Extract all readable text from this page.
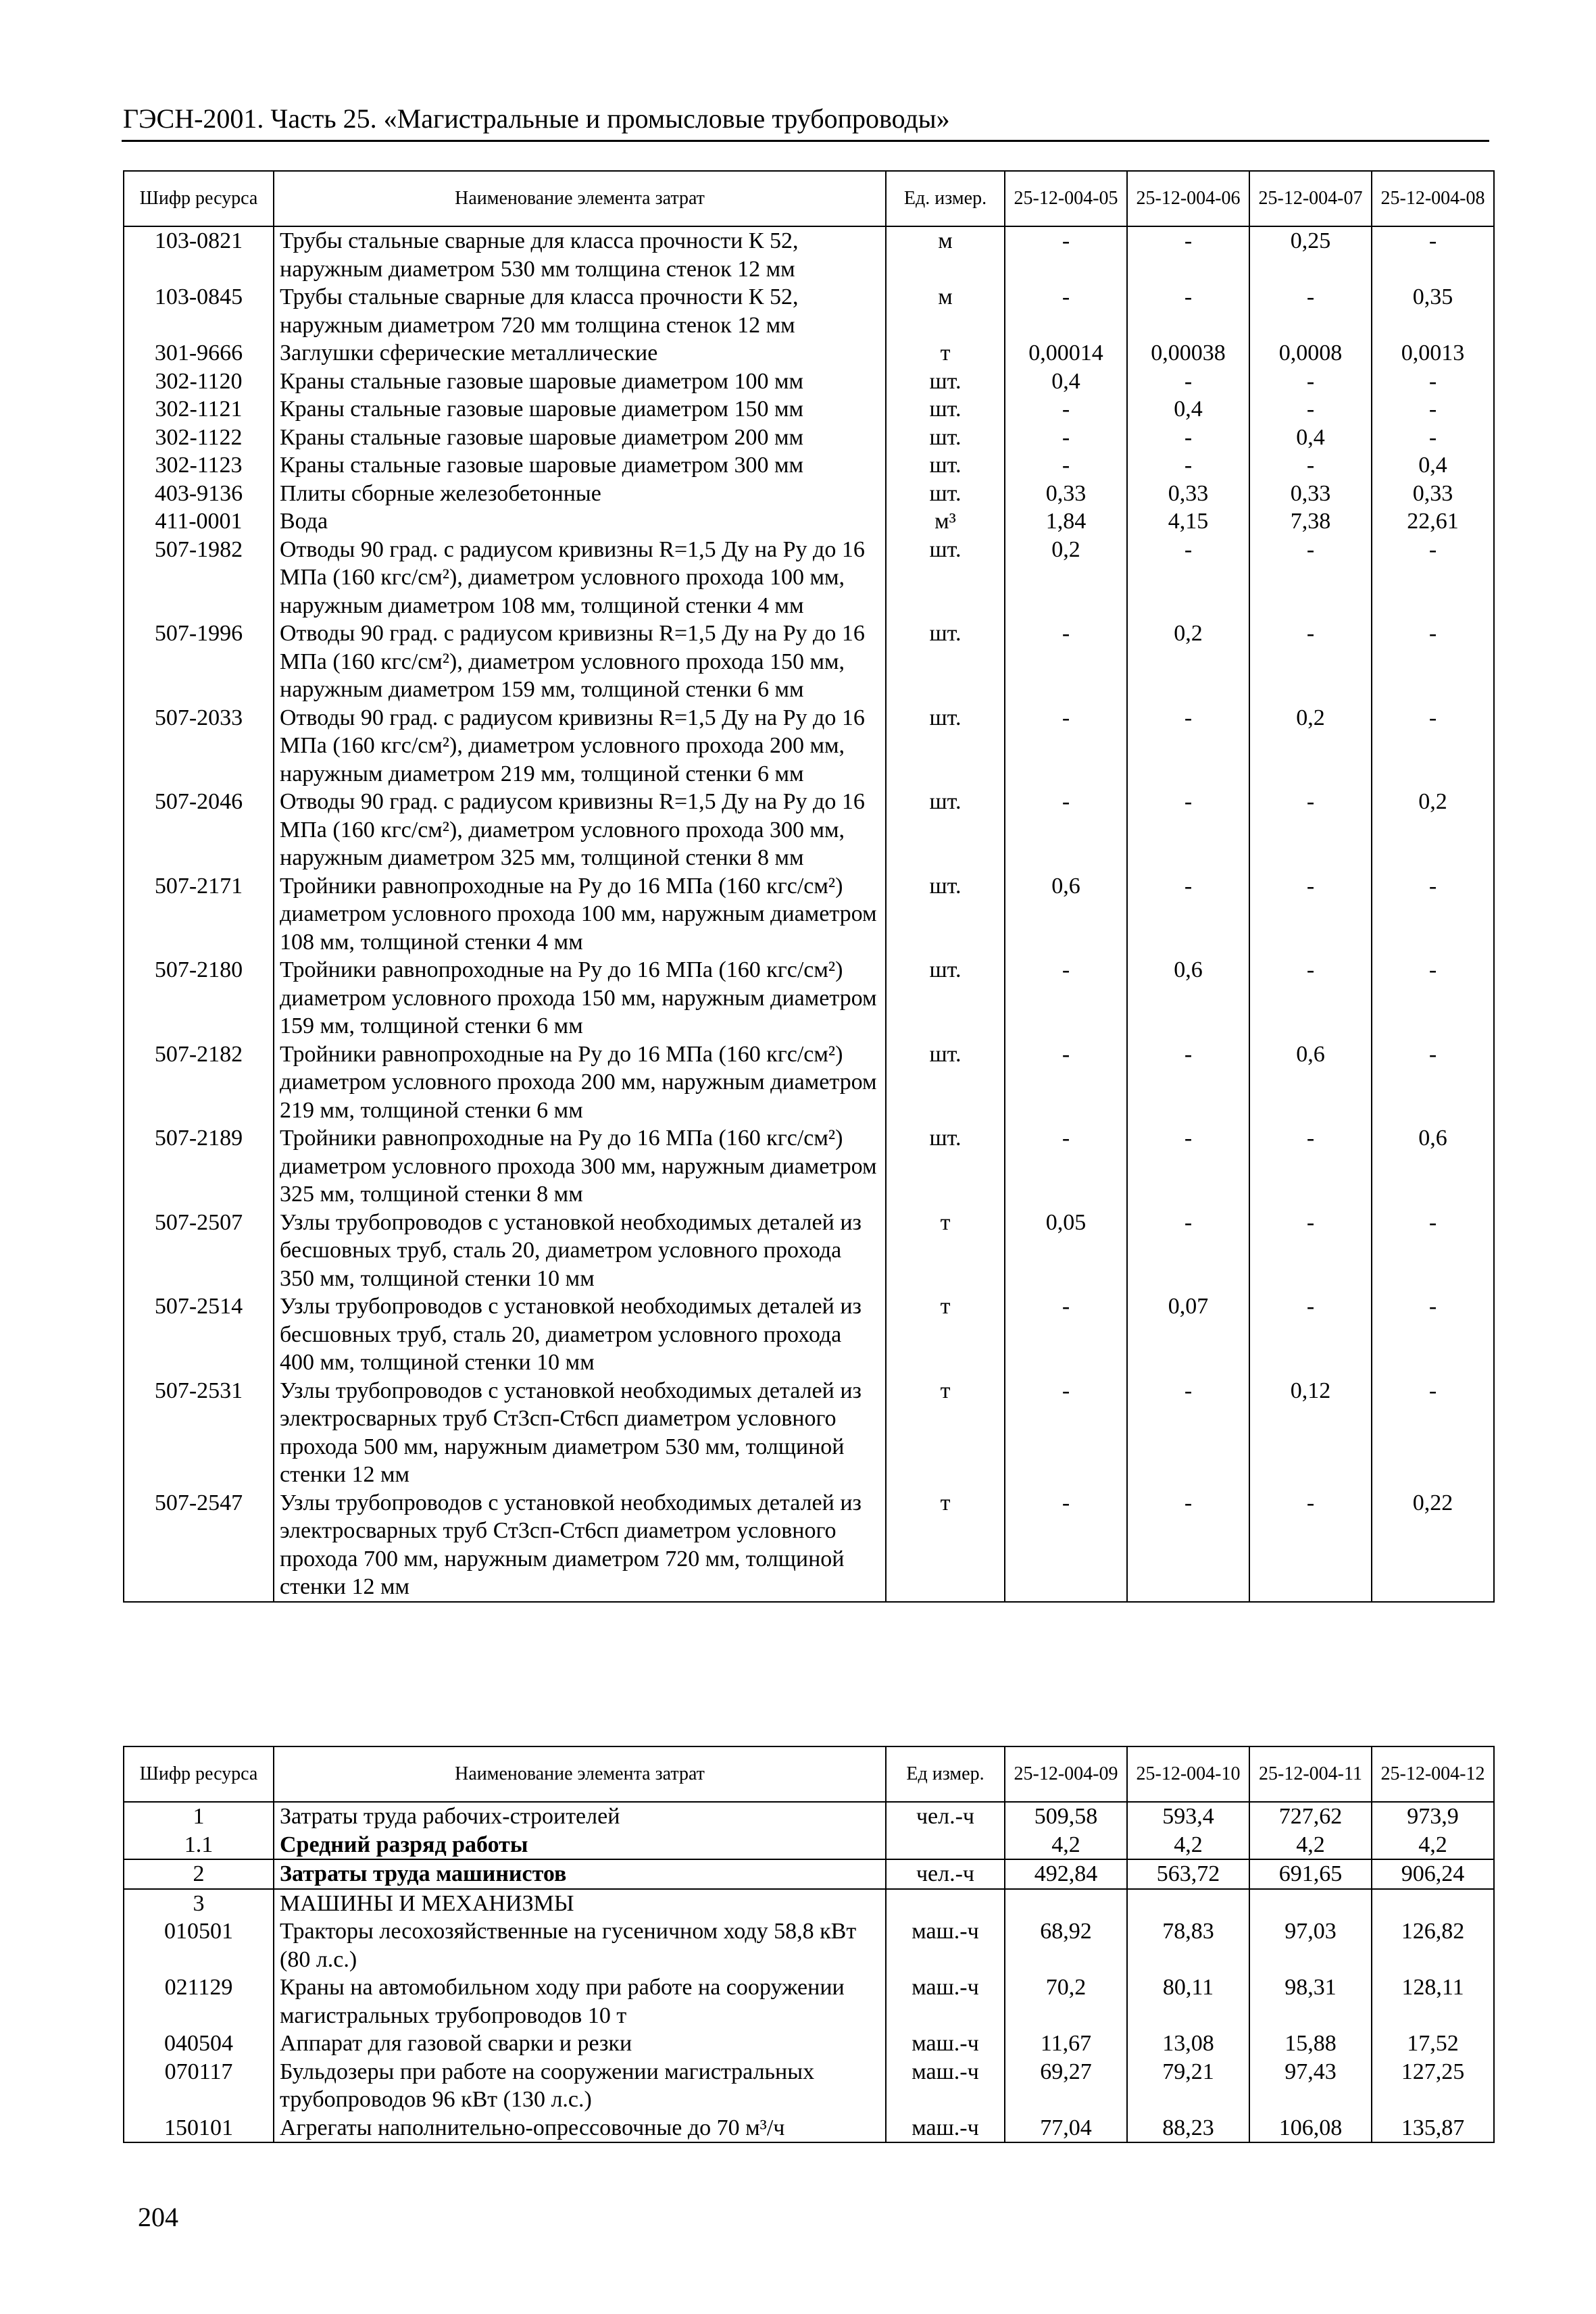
ГЭСН-2001. Часть 25. «Магистральные и промысловые трубопроводы»
Шифр ресурса	Наименование элемента затрат	Ед. измер.	25-12-004-05	25-12-004-06	25-12-004-07	25-12-004-08
103-0821	Трубы стальные сварные для класса прочности К 52, наружным диаметром 530 мм толщина стенок 12 мм	м	-	-	0,25	-
103-0845	Трубы стальные сварные для класса прочности К 52, наружным диаметром 720 мм толщина стенок 12 мм	м	-	-	-	0,35
301-9666	Заглушки сферические металлические	т	0,00014	0,00038	0,0008	0,0013
302-1120	Краны стальные газовые шаровые диаметром 100 мм	шт.	0,4	-	-	-
302-1121	Краны стальные газовые шаровые диаметром 150 мм	шт.	-	0,4	-	-
302-1122	Краны стальные газовые шаровые диаметром 200 мм	шт.	-	-	0,4	-
302-1123	Краны стальные газовые шаровые диаметром 300 мм	шт.	-	-	-	0,4
403-9136	Плиты сборные железобетонные	шт.	0,33	0,33	0,33	0,33
411-0001	Вода	м³	1,84	4,15	7,38	22,61
507-1982	Отводы 90 град. с радиусом кривизны R=1,5 Ду на Ру до 16 МПа (160 кгс/см²), диаметром условного прохода 100 мм, наружным диаметром 108 мм, толщиной стенки 4 мм	шт.	0,2	-	-	-
507-1996	Отводы 90 град. с радиусом кривизны R=1,5 Ду на Ру до 16 МПа (160 кгс/см²), диаметром условного прохода 150 мм, наружным диаметром 159 мм, толщиной стенки 6 мм	шт.	-	0,2	-	-
507-2033	Отводы 90 град. с радиусом кривизны R=1,5 Ду на Ру до 16 МПа (160 кгс/см²), диаметром условного прохода 200 мм, наружным диаметром 219 мм, толщиной стенки 6 мм	шт.	-	-	0,2	-
507-2046	Отводы 90 град. с радиусом кривизны R=1,5 Ду на Ру до 16 МПа (160 кгс/см²), диаметром условного прохода 300 мм, наружным диаметром 325 мм, толщиной стенки 8 мм	шт.	-	-	-	0,2
507-2171	Тройники равнопроходные на Ру до 16 МПа (160 кгс/см²) диаметром условного прохода 100 мм, наружным диаметром 108 мм, толщиной стенки 4 мм	шт.	0,6	-	-	-
507-2180	Тройники равнопроходные на Ру до 16 МПа (160 кгс/см²) диаметром условного прохода 150 мм, наружным диаметром 159 мм, толщиной стенки 6 мм	шт.	-	0,6	-	-
507-2182	Тройники равнопроходные на Ру до 16 МПа (160 кгс/см²) диаметром условного прохода 200 мм, наружным диаметром 219 мм, толщиной стенки 6 мм	шт.	-	-	0,6	-
507-2189	Тройники равнопроходные на Ру до 16 МПа (160 кгс/см²) диаметром условного прохода 300 мм, наружным диаметром 325 мм, толщиной стенки 8 мм	шт.	-	-	-	0,6
507-2507	Узлы трубопроводов с установкой необходимых деталей из бесшовных труб, сталь 20, диаметром условного прохода 350 мм, толщиной стенки 10 мм	т	0,05	-	-	-
507-2514	Узлы трубопроводов с установкой необходимых деталей из бесшовных труб, сталь 20, диаметром условного прохода 400 мм, толщиной стенки 10 мм	т	-	0,07	-	-
507-2531	Узлы трубопроводов с установкой необходимых деталей из электросварных труб Ст3сп-Ст6сп диаметром условного прохода 500 мм, наружным диаметром 530 мм, толщиной стенки 12 мм	т	-	-	0,12	-
507-2547	Узлы трубопроводов с установкой необходимых деталей из электросварных труб Ст3сп-Ст6сп диаметром условного прохода 700 мм, наружным диаметром 720 мм, толщиной стенки 12 мм	т	-	-	-	0,22
Шифр ресурса	Наименование элемента затрат	Ед измер.	25-12-004-09	25-12-004-10	25-12-004-11	25-12-004-12
1	Затраты труда рабочих-строителей	чел.-ч	509,58	593,4	727,62	973,9
1.1	Средний разряд работы		4,2	4,2	4,2	4,2
2	Затраты труда машинистов	чел.-ч	492,84	563,72	691,65	906,24
3	МАШИНЫ И МЕХАНИЗМЫ					
010501	Тракторы лесохозяйственные на гусеничном ходу 58,8 кВт (80 л.с.)	маш.-ч	68,92	78,83	97,03	126,82
021129	Краны на автомобильном ходу при работе на сооружении магистральных трубопроводов 10 т	маш.-ч	70,2	80,11	98,31	128,11
040504	Аппарат для газовой сварки и резки	маш.-ч	11,67	13,08	15,88	17,52
070117	Бульдозеры при работе на сооружении магистральных трубопроводов 96 кВт (130 л.с.)	маш.-ч	69,27	79,21	97,43	127,25
150101	Агрегаты наполнительно-опрессовочные до 70 м³/ч	маш.-ч	77,04	88,23	106,08	135,87
204
